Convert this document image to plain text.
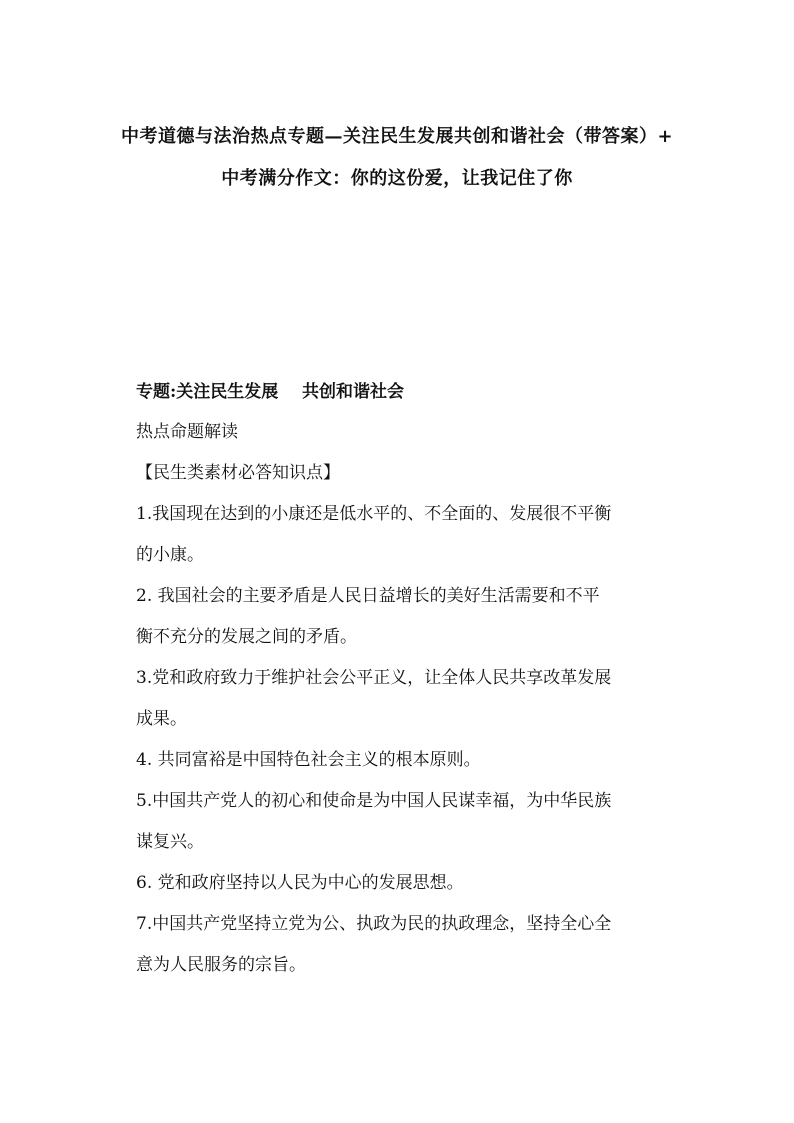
中考道德与法治热点专题—关注民生发展共创和谐社会（带答案）+
中考满分作文：你的这份爱，让我记住了你
专题:关注民生发展    共创和谐社会
热点命题解读
【民生类素材必答知识点】
1.我国现在达到的小康还是低水平的、不全面的、发展很不平衡
的小康。
2. 我国社会的主要矛盾是人民日益增长的美好生活需要和不平
衡不充分的发展之间的矛盾。
3.党和政府致力于维护社会公平正义，让全体人民共享改革发展
成果。
4. 共同富裕是中国特色社会主义的根本原则。
5.中国共产党人的初心和使命是为中国人民谋幸福，为中华民族
谋复兴。
6. 党和政府坚持以人民为中心的发展思想。
7.中国共产党坚持立党为公、执政为民的执政理念，坚持全心全
意为人民服务的宗旨。
